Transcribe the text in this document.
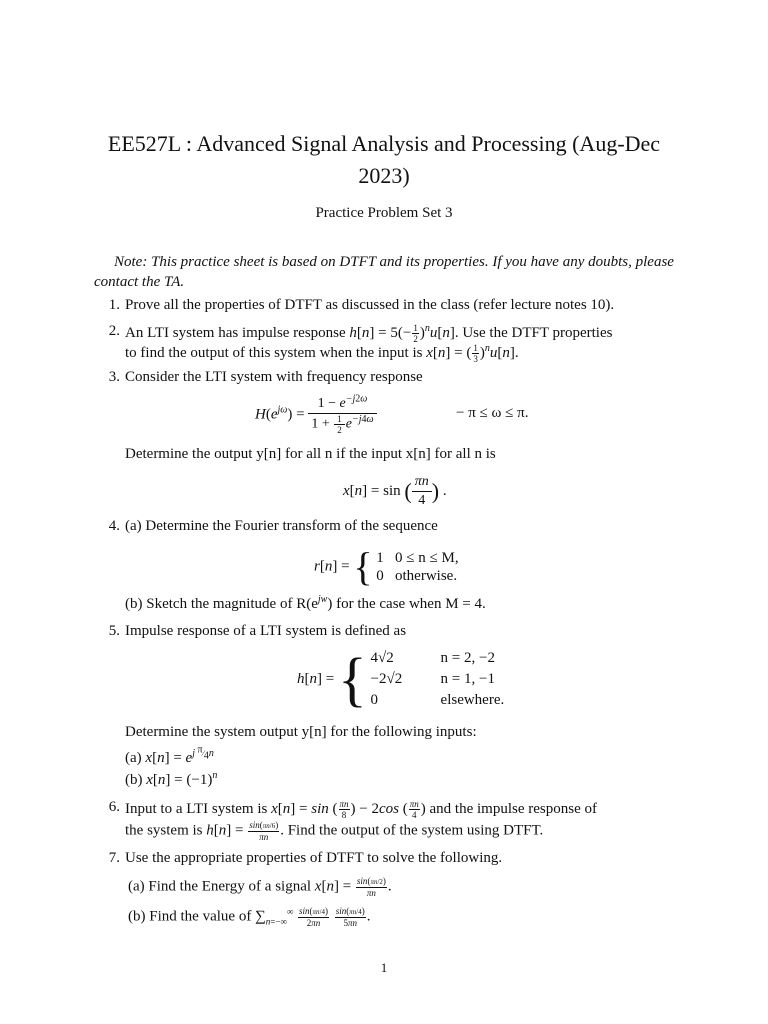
EE527L : Advanced Signal Analysis and Processing (Aug-Dec 2023)
Practice Problem Set 3
Note: This practice sheet is based on DTFT and its properties. If you have any doubts, please contact the TA.
1. Prove all the properties of DTFT as discussed in the class (refer lecture notes 10).
2. An LTI system has impulse response $h[n] = 5(- \frac{1}{2} )^nu[n]$. Use the DTFT properties
to find the output of this system when the input is x[n] = ( $\frac{1}{3} )^nu[n]$.
3. Consider the LTI system with frequency response
$H(e^{j\omega}) = \frac{1 - e^{-j2\omega}}{1 + \frac{1}{2} e^{-j4\omega}}$	− π ≤ ω ≤ π.
Determine the output y[n] for all n if the input x[n] for all n is
x[n] = sin ( $\frac{\pi n}{4}$ ) .
4. (a) Determine the Fourier transform of the sequence
r[n] = { 1 0 ≤ n ≤ M,
0 otherwise.
(b) Sketch the magnitude of $R(e^{jw})$ for the case when M = 4.
5. Impulse response of a LTI system is defined as
h[n] = { 4√2	n = 2, −2
−2√2	n = 1, −1
0	elsewhere.
Determine the system output y[n] for the following inputs:
(a) $x[n] = e^{j ^\pi⁄_4n}$
(b) $x[n] = (-1)^n$
6. Input to a LTI system is x[n] = sin ( $\frac{\pi n}{8}$ ) − 2cos ( $\frac{\pi n}{4}$ ) and the impulse response of
the system is $h[n] = \frac{\sin(\pi n/6)}{\pi n}$ . Find the output of the system using DTFT.
7. Use the appropriate properties of DTFT to solve the following.
(a) Find the Energy of a signal $x[n] = \frac{\sin(\pi n/2)}{\pi n}$ .
(b) Find the value of $\sum_{n=-\infty}^\infty \frac{\sin(\pi n/4)}{2\pi n}$
$\frac{\sin(\pi n/4)}{5\pi n}$ .
1
